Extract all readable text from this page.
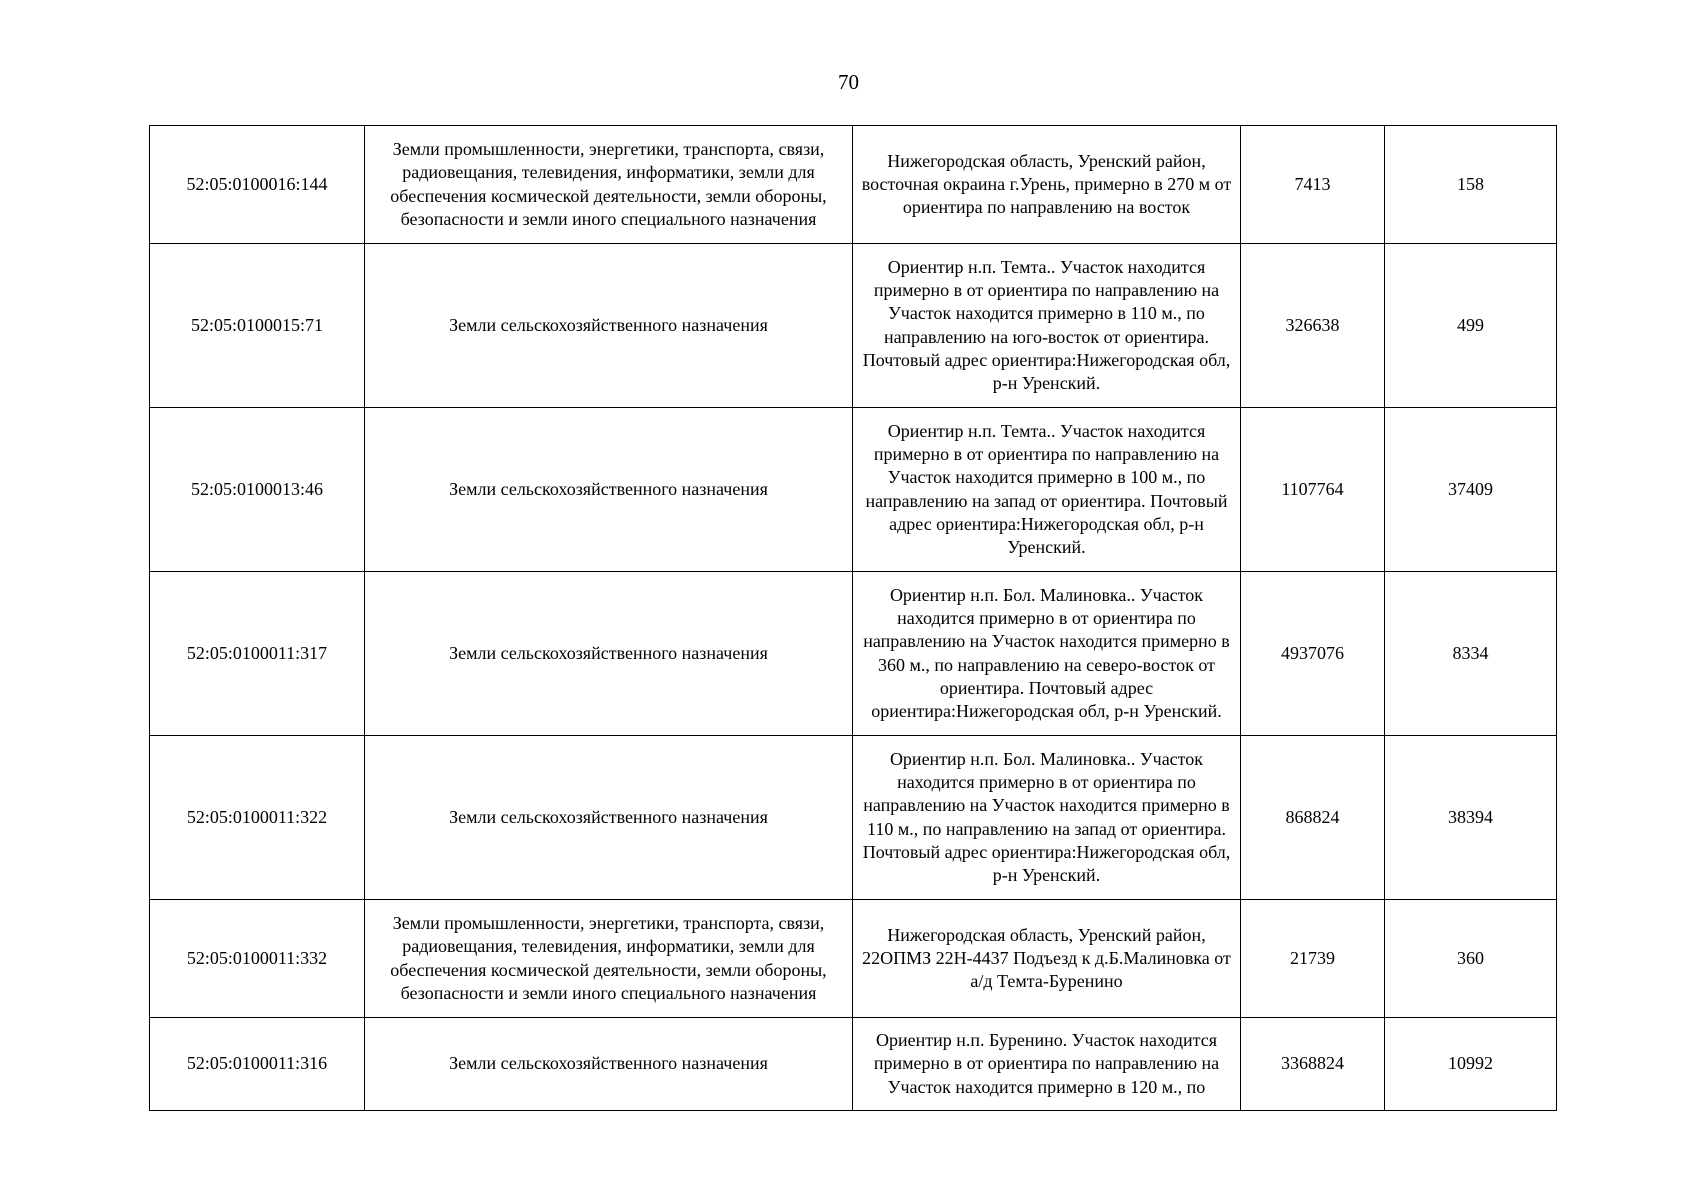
70
52:05:0100016:144	Земли промышленности, энергетики, транспорта, связи, радиовещания, телевидения, информатики, земли для обеспечения космической деятельности, земли обороны, безопасности и земли иного специального назначения	Нижегородская область, Уренский район, восточная окраина г.Урень, примерно в 270 м от ориентира по направлению на восток	7413	158
52:05:0100015:71	Земли сельскохозяйственного назначения	Ориентир н.п. Темта.. Участок находится примерно в от ориентира по направлению на Участок находится примерно в 110 м., по направлению на юго-восток от ориентира. Почтовый адрес ориентира:Нижегородская обл, р-н Уренский.	326638	499
52:05:0100013:46	Земли сельскохозяйственного назначения	Ориентир н.п. Темта.. Участок находится примерно в от ориентира по направлению на Участок находится примерно в 100 м., по направлению на запад от ориентира. Почтовый адрес ориентира:Нижегородская обл, р-н Уренский.	1107764	37409
52:05:0100011:317	Земли сельскохозяйственного назначения	Ориентир н.п. Бол. Малиновка.. Участок находится примерно в от ориентира по направлению на Участок находится примерно в 360 м., по направлению на северо-восток от ориентира. Почтовый адрес ориентира:Нижегородская обл, р-н Уренский.	4937076	8334
52:05:0100011:322	Земли сельскохозяйственного назначения	Ориентир н.п. Бол. Малиновка.. Участок находится примерно в от ориентира по направлению на Участок находится примерно в 110 м., по направлению на запад от ориентира. Почтовый адрес ориентира:Нижегородская обл, р-н Уренский.	868824	38394
52:05:0100011:332	Земли промышленности, энергетики, транспорта, связи, радиовещания, телевидения, информатики, земли для обеспечения космической деятельности, земли обороны, безопасности и земли иного специального назначения	Нижегородская область, Уренский район, 22ОПМЗ 22Н-4437 Подъезд к д.Б.Малиновка от а/д Темта-Буренино	21739	360
52:05:0100011:316	Земли сельскохозяйственного назначения	Ориентир н.п. Буренино. Участок находится примерно в от ориентира по направлению на Участок находится примерно в 120 м., по	3368824	10992
